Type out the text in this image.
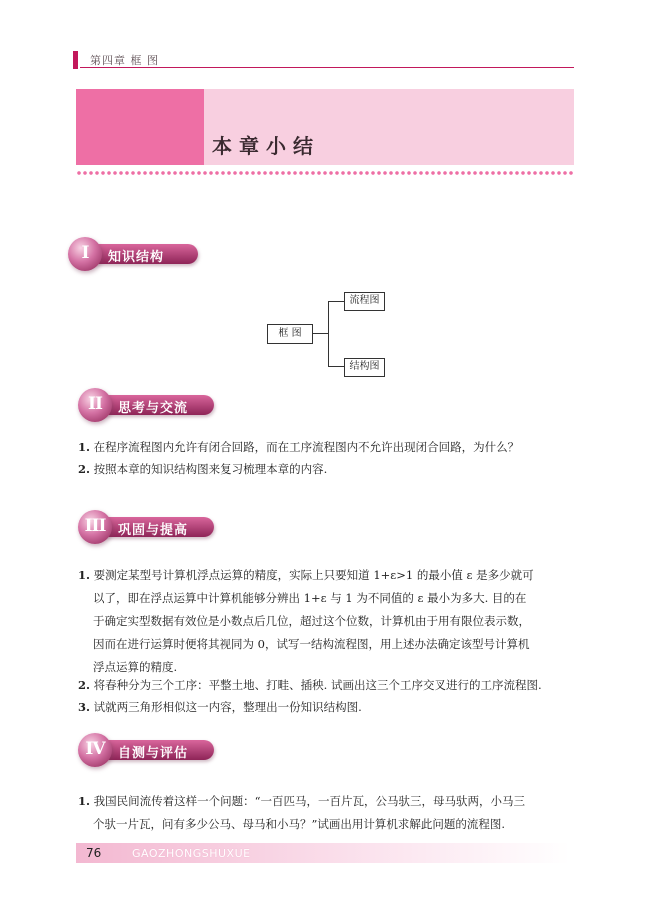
第四章 框 图
本章小结
I	知识结构
框 图
流程图
结构图
II	思考与交流
1. 在程序流程图内允许有闭合回路，而在工序流程图内不允许出现闭合回路，为什么？
2. 按照本章的知识结构图来复习梳理本章的内容.
III 巩固与提高
1. 要测定某型号计算机浮点运算的精度，实际上只要知道 1+ε>1 的最小值 ε 是多少就可
以了，即在浮点运算中计算机能够分辨出 1+ε 与 1 为不同值的 ε 最小为多大. 目的在
于确定实型数据有效位是小数点后几位，超过这个位数，计算机由于用有限位表示数，
因而在进行运算时便将其视同为 0，试写一结构流程图，用上述办法确定该型号计算机
浮点运算的精度.
2. 将春种分为三个工序：平整土地、打畦、插秧. 试画出这三个工序交叉进行的工序流程图.
3. 试就两三角形相似这一内容，整理出一份知识结构图.
IV	自测与评估
1. 我国民间流传着这样一个问题：“一百匹马，一百片瓦，公马驮三，母马驮两，小马三
个驮一片瓦，问有多少公马、母马和小马？”试画出用计算机求解此问题的流程图.
76	GAOZHONGSHUXUE
